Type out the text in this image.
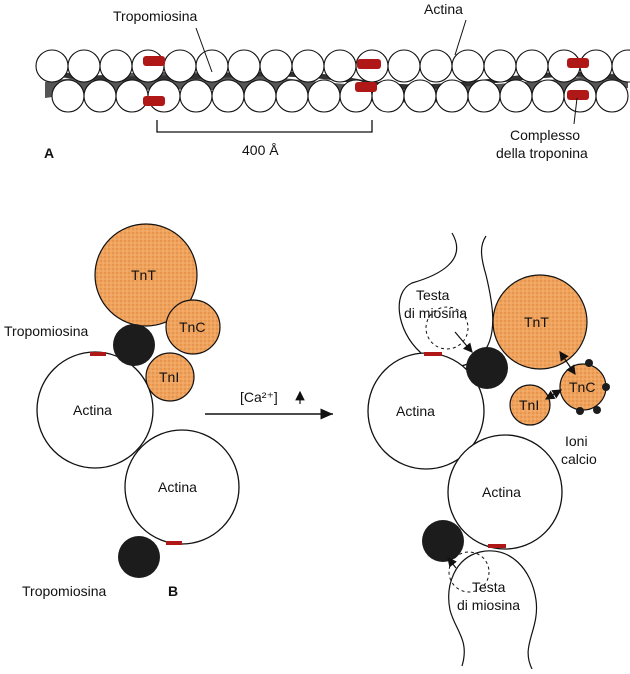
Tropomiosina	Actina
400 Å
Complesso
della troponina
A
TnT
TnC
TnI
Tropomiosina
Actina
Actina
Tropomiosina	B
[Ca²⁺]
Testa
di miosina
TnT
TnC
TnI
Actina
Actina
Ioni
calcio
Testa
di miosina
